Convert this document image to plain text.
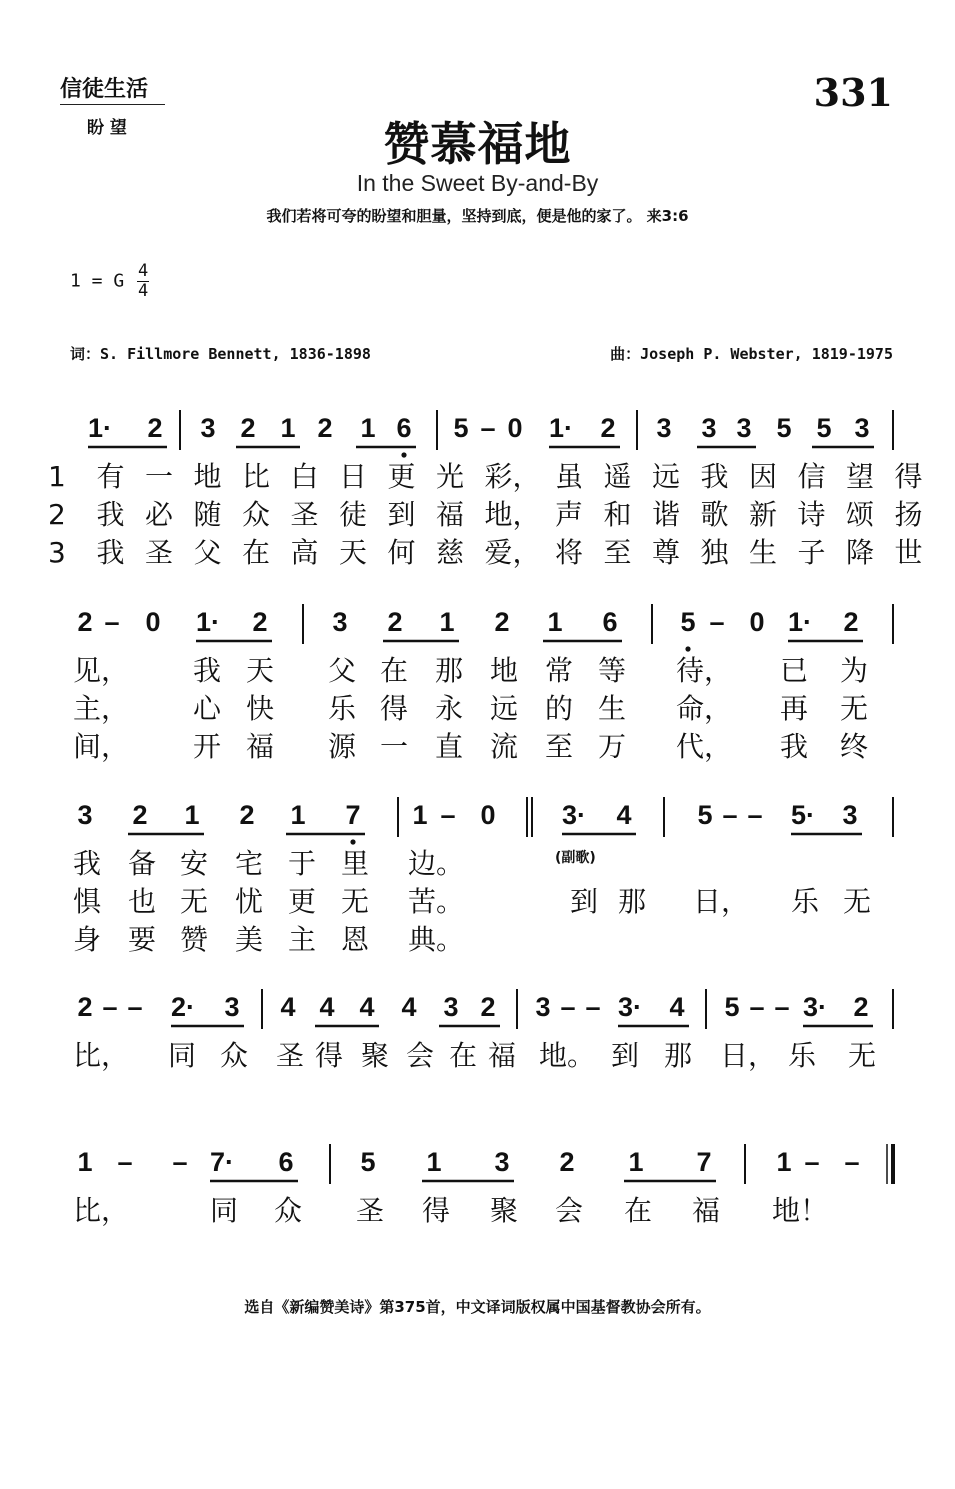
信徒生活
盼 望
331
赞慕福地
In the Sweet By-and-By
我们若将可夸的盼望和胆量，坚持到底，便是他的家了。 来3:6
1 = G $\frac{4}{4}$
词：S. Fillmore Bennett, 1836-1898	曲：Joseph P. Webster, 1819-1975
1· 2 3 2 1 2 1 6 5 – 0 1· 2 3 3 3 5 5 3
1	有 一 地 比 白 日 更 光 彩， 虽 遥 远 我 因 信 望 得
2	我 必 随 众 圣 徒 到 福 地， 声 和 谐 歌 新 诗 颂 扬
3	我 圣 父 在 高 天 何 慈 爱， 将 至 尊 独 生 子 降 世
2 – 0 1· 2 3 2 1 2 1 6 5 – 0 1· 2
见， 我 天	父 在 那 地 常 等	待， 已	为
主， 心 快	乐 得 永 远 的 生	命， 再	无
间， 开 福	源 一 直 流 至 万	代， 我	终
3 2 1 2 1 7 1 – 0 3· 4 5 – – 5· 3
我 备 安 宅 于 里	边。
惧 也 无 忧 更 无	苦。	到 那	日， 乐 无
身 要 赞 美 主 恩	典。
2 – – 2· 3 4 4 4 4 3 2 3 – – 3· 4 5 – – 3· 2
比， 同 众 圣 得 聚 会 在 福 地。 到 那 日， 乐	无
1 – – 7· 6 5 1 3 2 1 7 1 – –
比，	同	众	圣	得	聚	会	在	福	地！
(副歌)
选自《新编赞美诗》第375首，中文译词版权属中国基督教协会所有。
